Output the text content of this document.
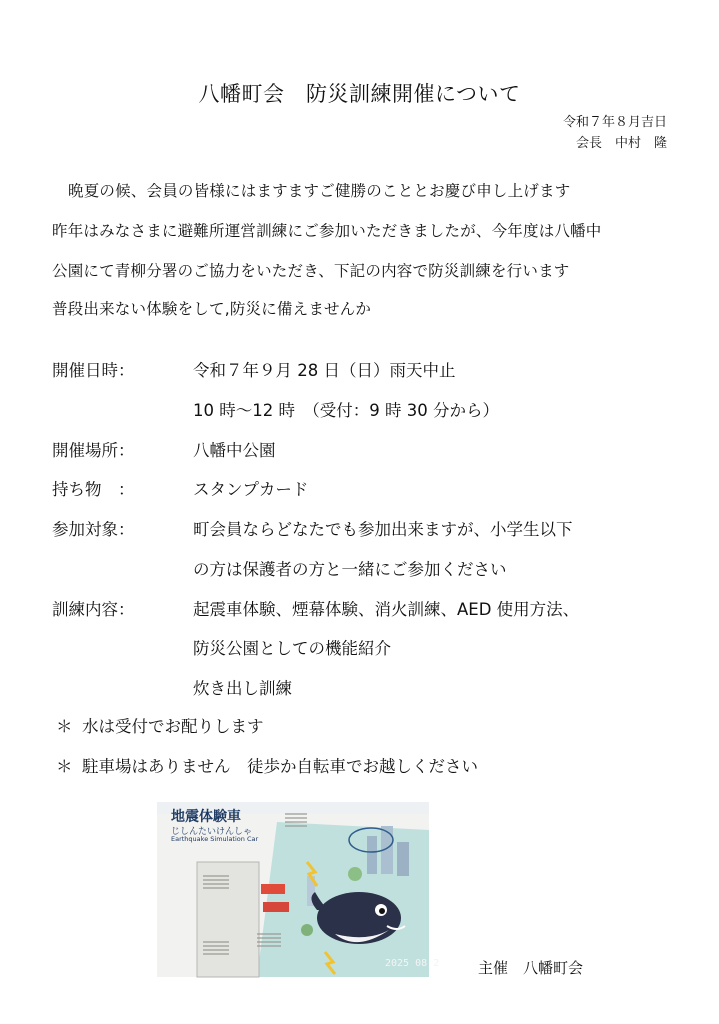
八幡町会　防災訓練開催について
令和７年８月吉日
会長　中村　隆
晩夏の候、会員の皆様にはますますご健勝のこととお慶び申し上げます
昨年はみなさまに避難所運営訓練にご参加いただきましたが、今年度は八幡中
公園にて青柳分署のご協力をいただき、下記の内容で防災訓練を行います
普段出来ない体験をして,防災に備えませんか
開催日時：	令和７年９月 28 日（日）雨天中止
10 時～12 時　（受付：9 時 30 分から）
開催場所：	八幡中公園
持ち物　：	スタンプカード
参加対象：	町会員ならどなたでも参加出来ますが、小学生以下
の方は保護者の方と一緒にご参加ください
訓練内容：	起震車体験、煙幕体験、消火訓練、AED 使用方法、
防災公園としての機能紹介
炊き出し訓練
＊ 水は受付でお配りします
＊ 駐車場はありません　徒歩か自転車でお越しください
地震体験車
じしんたいけんしゃ
Earthquake Simulation Car
2025 08 2	主催　八幡町会
